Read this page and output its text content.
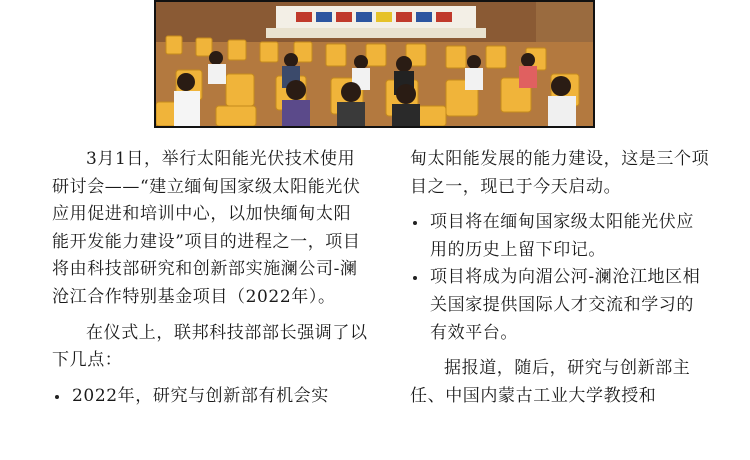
3月1日，举行太阳能光伏技术使用研讨会——“建立缅甸国家级太阳能光伏应用促进和培训中心，以加快缅甸太阳能开发能力建设”项目的进程之一，项目将由科技部研究和创新部实施澜公司-澜沧江合作特别基金项目（2022年）。

在仪式上，联邦科技部部长强调了以下几点：

2022年，研究与创新部有机会实

甸太阳能发展的能力建设，这是三个项目之一，现已于今天启动。

项目将在缅甸国家级太阳能光伏应用的历史上留下印记。
项目将成为向湄公河-澜沧江地区相关国家提供国际人才交流和学习的有效平台。

据报道，随后，研究与创新部主任、中国内蒙古工业大学教授和
